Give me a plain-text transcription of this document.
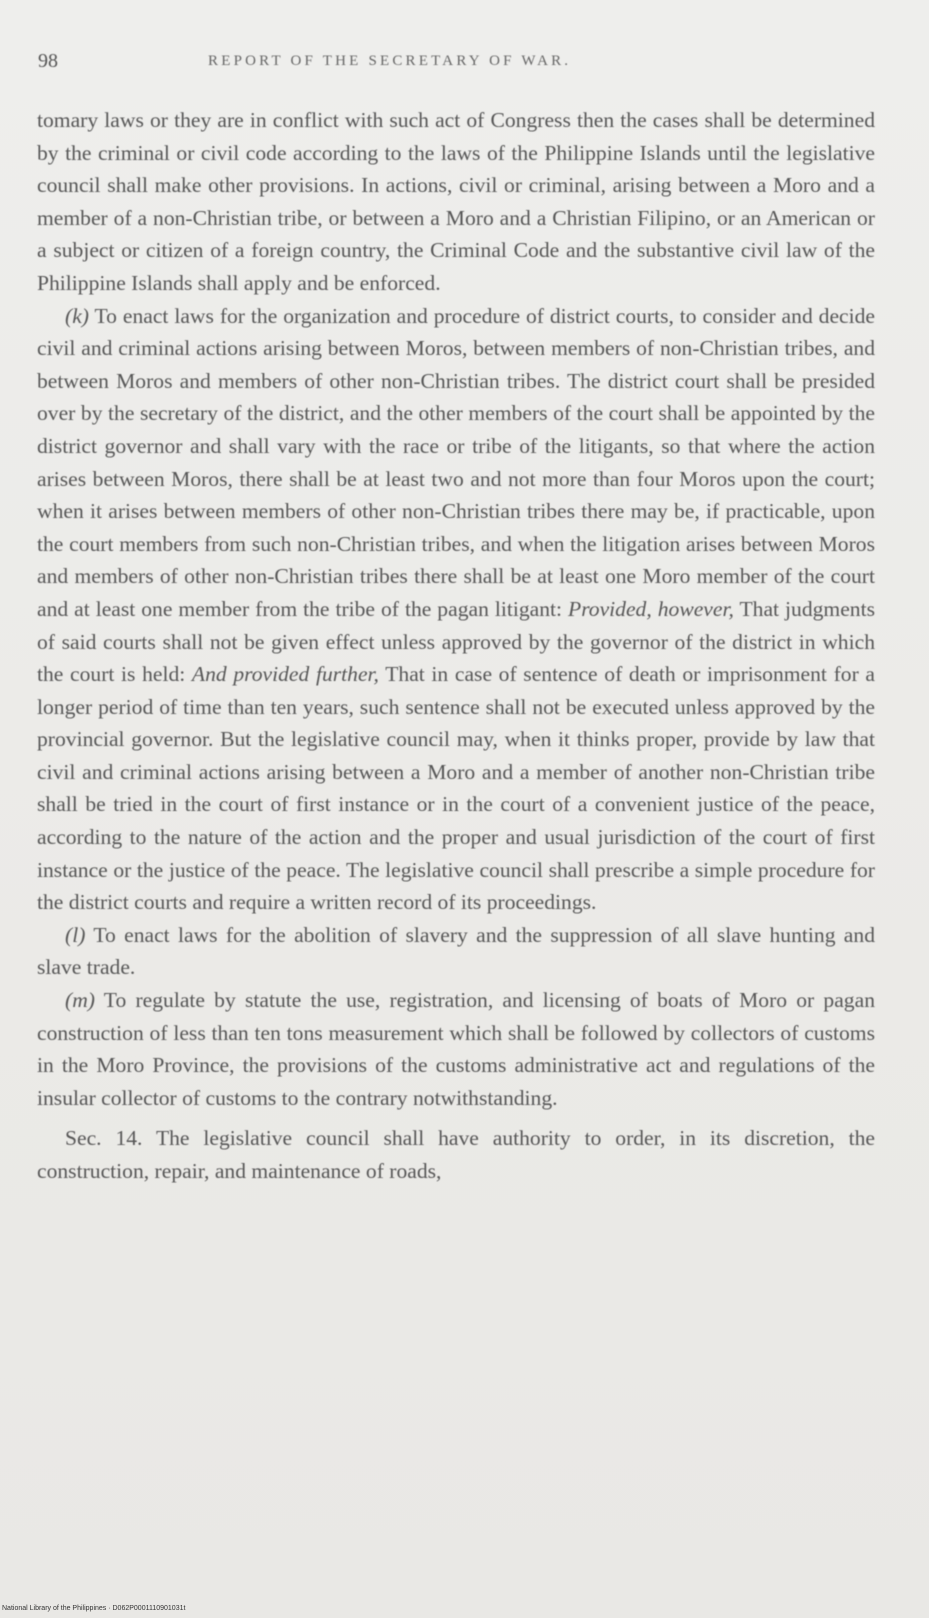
98	REPORT OF THE SECRETARY OF WAR.

tomary laws or they are in conflict with such act of Congress then the cases shall be determined by the criminal or civil code according to the laws of the Philippine Islands until the legislative council shall make other provisions. In actions, civil or criminal, arising between a Moro and a member of a non-Christian tribe, or between a Moro and a Christian Filipino, or an American or a subject or citizen of a foreign country, the Criminal Code and the substantive civil law of the Philippine Islands shall apply and be enforced.

(k) To enact laws for the organization and procedure of district courts, to consider and decide civil and criminal actions arising between Moros, between members of non-Christian tribes, and between Moros and members of other non-Christian tribes. The district court shall be presided over by the secretary of the district, and the other members of the court shall be appointed by the district governor and shall vary with the race or tribe of the litigants, so that where the action arises between Moros, there shall be at least two and not more than four Moros upon the court; when it arises between members of other non-Christian tribes there may be, if practicable, upon the court members from such non-Christian tribes, and when the litigation arises between Moros and members of other non-Christian tribes there shall be at least one Moro member of the court and at least one member from the tribe of the pagan litigant: Provided, however, That judgments of said courts shall not be given effect unless approved by the governor of the district in which the court is held: And provided further, That in case of sentence of death or imprisonment for a longer period of time than ten years, such sentence shall not be executed unless approved by the provincial governor. But the legislative council may, when it thinks proper, provide by law that civil and criminal actions arising between a Moro and a member of another non-Christian tribe shall be tried in the court of first instance or in the court of a convenient justice of the peace, according to the nature of the action and the proper and usual jurisdiction of the court of first instance or the justice of the peace. The legislative council shall prescribe a simple procedure for the district courts and require a written record of its proceedings.

(l) To enact laws for the abolition of slavery and the suppression of all slave hunting and slave trade.

(m) To regulate by statute the use, registration, and licensing of boats of Moro or pagan construction of less than ten tons measurement which shall be followed by collectors of customs in the Moro Province, the provisions of the customs administrative act and regulations of the insular collector of customs to the contrary notwithstanding.

Sec. 14. The legislative council shall have authority to order, in its discretion, the construction, repair, and maintenance of roads,

National Library of the Philippines · D062P0001110901031t
